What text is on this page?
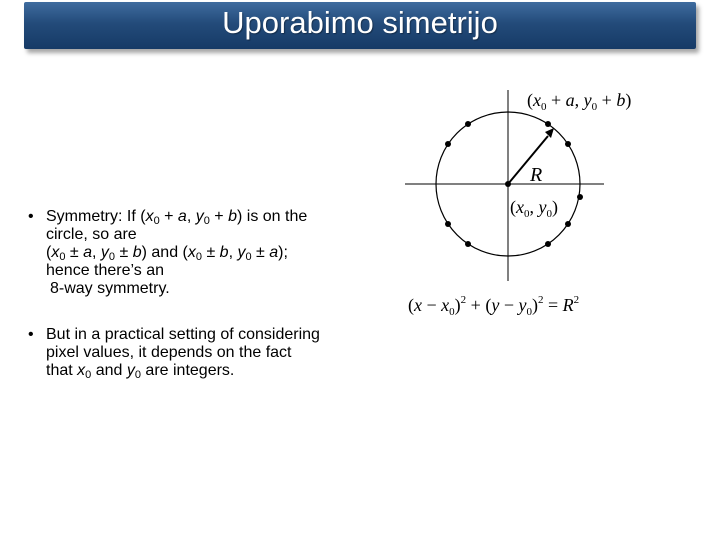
Uporabimo simetrijo
($x_0 + a$, $y_0 + b$)
R
($x_0$, $y_0$)
$(x - x_0)^2 + (y - y_0)^2 = R^2$
• Symmetry: If ($x_0 + a$, $y_0 + b$) is on the
circle, so are
($x_0 \pm a$, $y_0 \pm b$) and ($x_0 \pm b$, $y_0 \pm a$);
hence there’s an
8-way symmetry.
• But in a practical setting of considering
pixel values, it depends on the fact
that $x_0$ and $y_0$ are integers.
